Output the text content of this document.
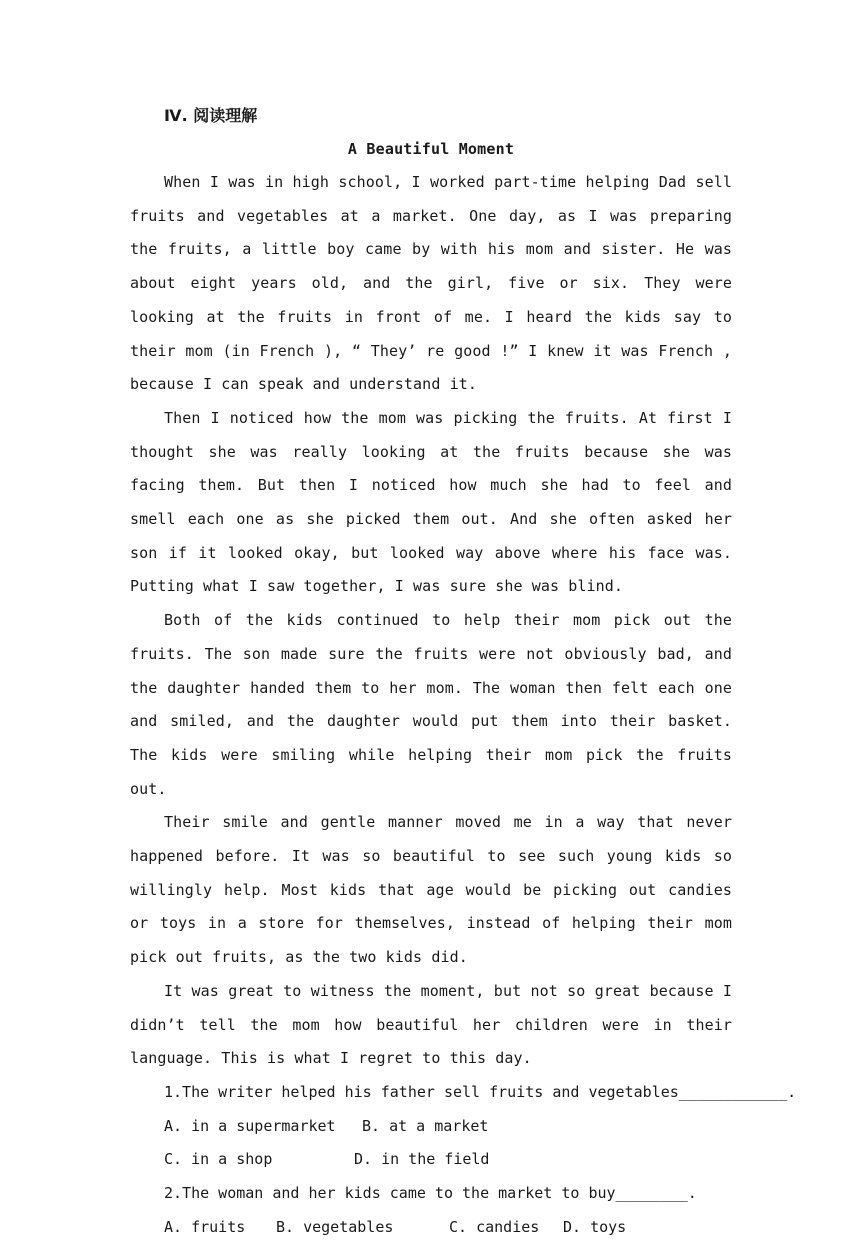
Ⅳ. 阅读理解
A Beautiful Moment

When I was in high school, I worked part-time helping Dad sell fruits and vegetables at a market. One day, as I was preparing the fruits, a little boy came by with his mom and sister. He was about eight years old, and the girl, five or six. They were looking at the fruits in front of me. I heard the kids say to their mom (in French ), “ They’ re good !” I knew it was French , because I can speak and understand it.

Then I noticed how the mom was picking the fruits. At first I thought she was really looking at the fruits because she was facing them. But then I noticed how much she had to feel and smell each one as she picked them out. And she often asked her son if it looked okay, but looked way above where his face was. Putting what I saw together, I was sure she was blind.

Both of the kids continued to help their mom pick out the fruits. The son made sure the fruits were not obviously bad, and the daughter handed them to her mom. The woman then felt each one and smiled, and the daughter would put them into their basket. The kids were smiling while helping their mom pick the fruits out.

Their smile and gentle manner moved me in a way that never happened before. It was so beautiful to see such young kids so willingly help. Most kids that age would be picking out candies or toys in a store for themselves, instead of helping their mom pick out fruits, as the two kids did.

It was great to witness the moment, but not so great because I didn’t tell the mom how beautiful her children were in their language. This is what I regret to this day.

1.The writer helped his father sell fruits and vegetables____________.

A. in a supermarket	B. at a market

C. in a shop	D. in the field

2.The woman and her kids came to the market to buy________.

A. fruits	B. vegetables	C. candies	D. toys
